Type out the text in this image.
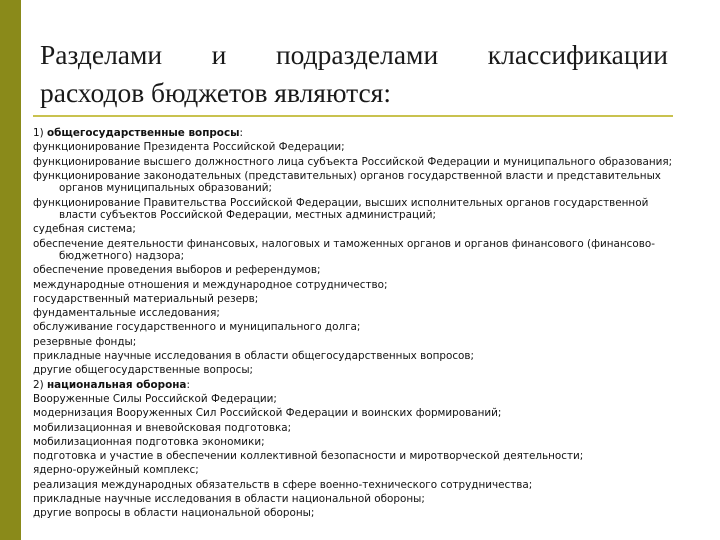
Разделами и подразделами классификации
расходов бюджетов являются:
1) общегосударственные вопросы:
функционирование Президента Российской Федерации;
функционирование высшего должностного лица субъекта Российской Федерации и муниципального образования;
функционирование законодательных (представительных) органов государственной власти и представительных органов муниципальных образований;
функционирование Правительства Российской Федерации, высших исполнительных органов государственной власти субъектов Российской Федерации, местных администраций;
судебная система;
обеспечение деятельности финансовых, налоговых и таможенных органов и органов финансового (финансово-бюджетного) надзора;
обеспечение проведения выборов и референдумов;
международные отношения и международное сотрудничество;
государственный материальный резерв;
фундаментальные исследования;
обслуживание государственного и муниципального долга;
резервные фонды;
прикладные научные исследования в области общегосударственных вопросов;
другие общегосударственные вопросы;
2) национальная оборона:
Вооруженные Силы Российской Федерации;
модернизация Вооруженных Сил Российской Федерации и воинских формирований;
мобилизационная и вневойсковая подготовка;
мобилизационная подготовка экономики;
подготовка и участие в обеспечении коллективной безопасности и миротворческой деятельности;
ядерно-оружейный комплекс;
реализация международных обязательств в сфере военно-технического сотрудничества;
прикладные научные исследования в области национальной обороны;
другие вопросы в области национальной обороны;
